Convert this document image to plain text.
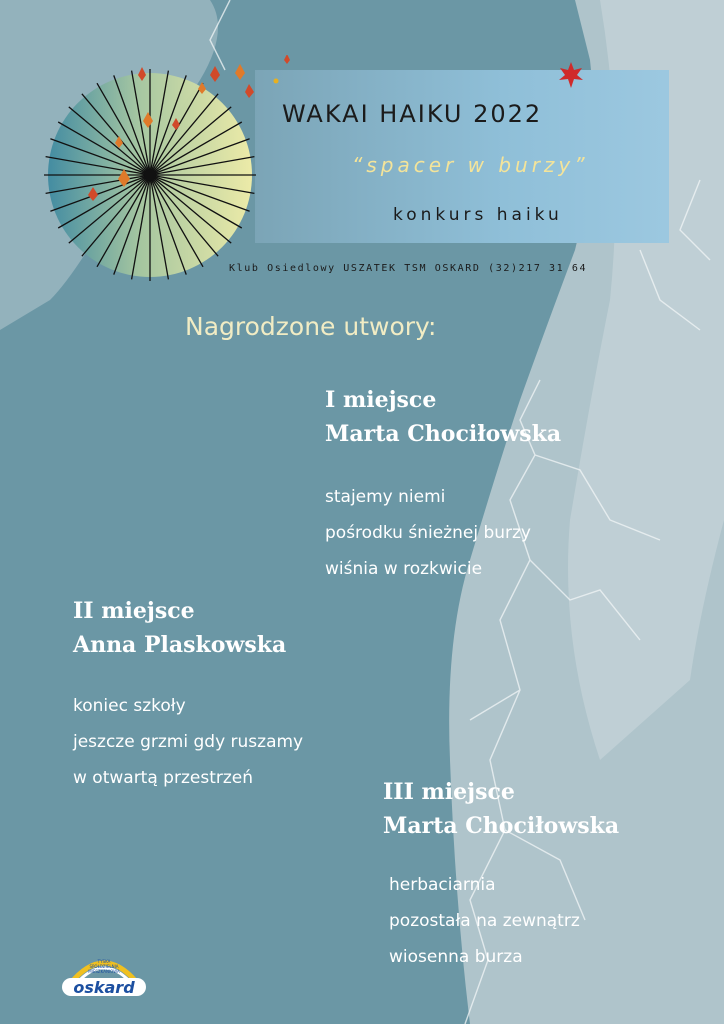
WAKAI HAIKU 2022

“spacer w burzy”

konkurs haiku

Klub Osiedlowy USZATEK TSM OSKARD (32)217 31 64

Nagrodzone utwory:
I miejsce
Marta Chociłowska
stajemy niemi
pośrodku śnieżnej burzy
wiśnia w rozkwicie
II miejsce
Anna Plaskowska
koniec szkoły
jeszcze grzmi gdy ruszamy
w otwartą przestrzeń
III miejsce
Marta Chociłowska
herbaciarnia
pozostała na zewnątrz
wiosenna burza
TYSKA
SPÓŁDZIELNIA
MIESZKANIOWA
oskard
